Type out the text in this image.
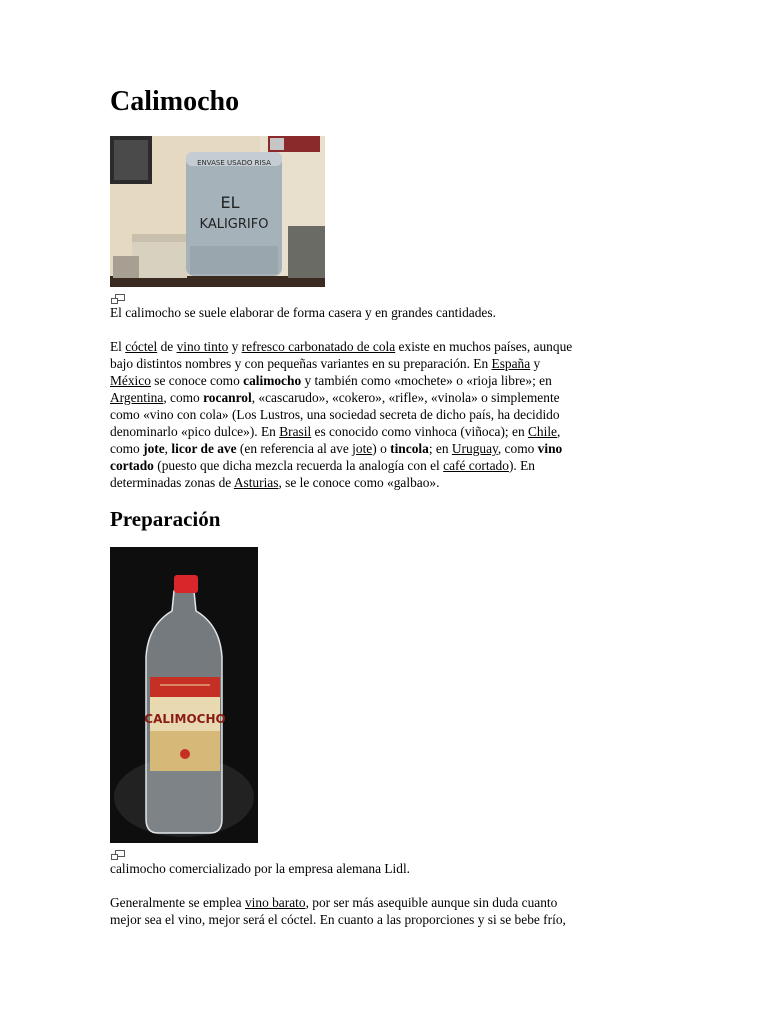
Calimocho
ENVASE USADO RISA
EL
KALIGRIFO
El calimocho se suele elaborar de forma casera y en grandes cantidades.
El cóctel de vino tinto y refresco carbonatado de cola existe en muchos países, aunque
bajo distintos nombres y con pequeñas variantes en su preparación. En España y
México se conoce como calimocho y también como «mochete» o «rioja libre»; en
Argentina, como rocanrol, «cascarudo», «cokero», «rifle», «vinola» o simplemente
como «vino con cola» (Los Lustros, una sociedad secreta de dicho país, ha decidido
denominarlo «pico dulce»). En Brasil es conocido como vinhoca (viñoca); en Chile,
como jote, licor de ave (en referencia al ave jote) o tincola; en Uruguay, como vino
cortado (puesto que dicha mezcla recuerda la analogía con el café cortado). En
determinadas zonas de Asturias, se le conoce como «galbao».
Preparación
CALIMOCHO
calimocho comercializado por la empresa alemana Lidl.
Generalmente se emplea vino barato, por ser más asequible aunque sin duda cuanto
mejor sea el vino, mejor será el cóctel. En cuanto a las proporciones y si se bebe frío,
